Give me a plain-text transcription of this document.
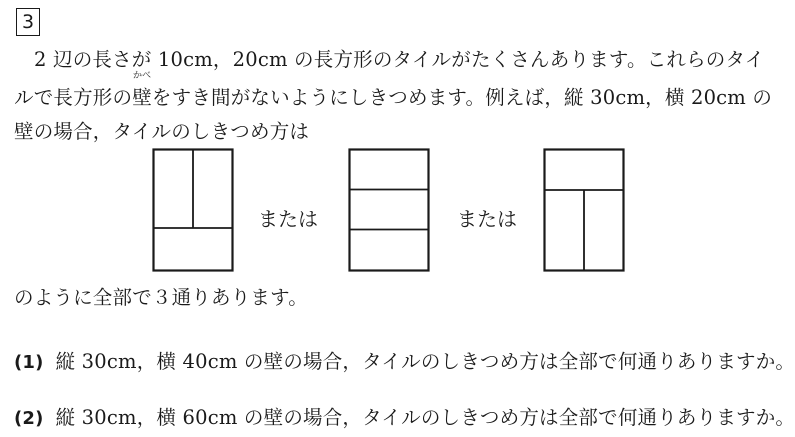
3
2 辺の長さが 10cm，20cm の長方形のタイルがたくさんあります。これらのタイ
ルで長方形の
かべ
壁をすき間がないようにしきつめます。例えば，縦 30cm，横 20cm の
壁の場合，タイルのしきつめ方は
または	または
のように全部で３通りあります。
(1) 縦 30cm，横 40cm の壁の場合，タイルのしきつめ方は全部で何通りありますか。
(2) 縦 30cm，横 60cm の壁の場合，タイルのしきつめ方は全部で何通りありますか。
